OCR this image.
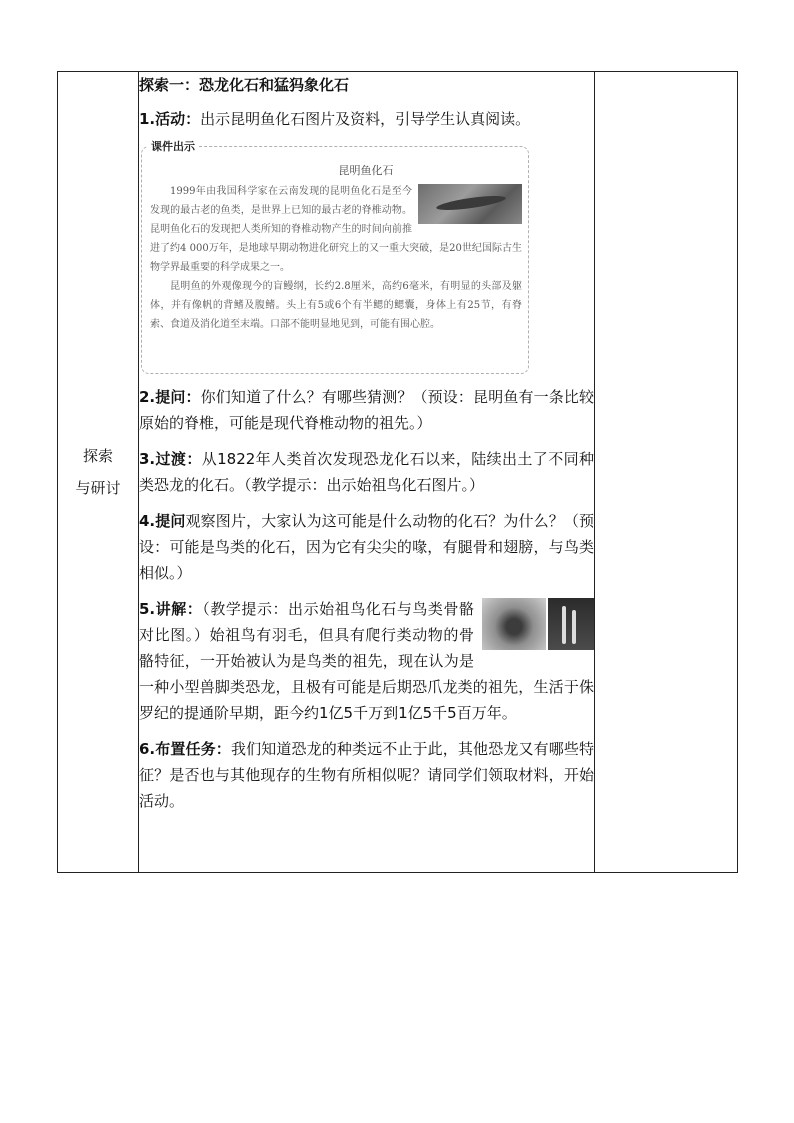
探索
与研讨

探索一：恐龙化石和猛犸象化石

1.活动：出示昆明鱼化石图片及资料，引导学生认真阅读。

课件出示
昆明鱼化石

1999年由我国科学家在云南发现的昆明鱼化石是至今发现的最古老的鱼类，是世界上已知的最古老的脊椎动物。昆明鱼化石的发现把人类所知的脊椎动物产生的时间向前推进了约4 000万年，是地球早期动物进化研究上的又一重大突破，是20世纪国际古生物学界最重要的科学成果之一。

昆明鱼的外观像现今的盲鳗纲，长约2.8厘米，高约6毫米，有明显的头部及躯体，并有像帆的背鳍及腹鳍。头上有5或6个有半鳃的鳃囊，身体上有25节，有脊索、食道及消化道至末端。口部不能明显地见到，可能有围心腔。

2.提问：你们知道了什么？有哪些猜测？（预设：昆明鱼有一条比较原始的脊椎，可能是现代脊椎动物的祖先。）

3.过渡：从1822年人类首次发现恐龙化石以来，陆续出土了不同种类恐龙的化石。（教学提示：出示始祖鸟化石图片。）

4.提问观察图片，大家认为这可能是什么动物的化石？为什么？（预设：可能是鸟类的化石，因为它有尖尖的喙，有腿骨和翅膀，与鸟类相似。）

5.讲解：（教学提示：出示始祖鸟化石与鸟类骨骼对比图。）始祖鸟有羽毛，但具有爬行类动物的骨骼特征，一开始被认为是鸟类的祖先，现在认为是一种小型兽脚类恐龙，且极有可能是后期恐爪龙类的祖先，生活于侏罗纪的提通阶早期，距今约1亿5千万到1亿5千5百万年。

6.布置任务：我们知道恐龙的种类远不止于此，其他恐龙又有哪些特征？是否也与其他现存的生物有所相似呢？请同学们领取材料，开始活动。
